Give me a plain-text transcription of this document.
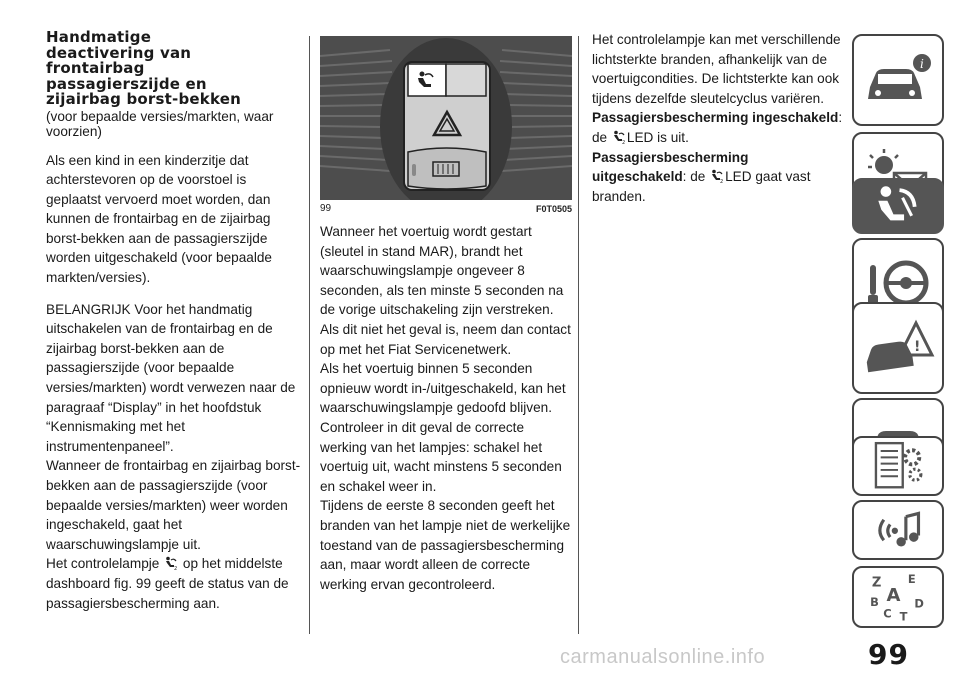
Handmatige
deactivering van
frontairbag
passagierszijde en
zijairbag borst-bekken

(voor bepaalde versies/markten, waar voorzien)

Als een kind in een kinderzitje dat achterstevoren op de voorstoel is geplaatst vervoerd moet worden, dan kunnen de frontairbag en de zijairbag borst-bekken aan de passagierszijde worden uitgeschakeld (voor bepaalde markten/versies).

BELANGRIJK Voor het handmatig uitschakelen van de frontairbag en de zijairbag borst-bekken aan de passagierszijde (voor bepaalde versies/markten) wordt verwezen naar de paragraaf “Display” in het hoofdstuk “Kennismaking met het instrumentenpaneel”.

Wanneer de frontairbag en zijairbag borst-bekken aan de passagierszijde (voor bepaalde versies/markten) weer worden ingeschakeld, gaat het waarschuwingslampje uit.

Het controlelampje	2 op het middelste dashboard fig. 99 geeft de status van de passagiersbescherming aan.

99	F0T0505

Wanneer het voertuig wordt gestart (sleutel in stand MAR), brandt het waarschuwingslampje ongeveer 8 seconden, als ten minste 5 seconden na de vorige uitschakeling zijn verstreken. Als dit niet het geval is, neem dan contact op met het Fiat Servicenetwerk.

Als het voertuig binnen 5 seconden opnieuw wordt in-/uitgeschakeld, kan het waarschuwingslampje gedoofd blijven. Controleer in dit geval de correcte werking van het lampjes: schakel het voertuig uit, wacht minstens 5 seconden en schakel weer in.

Tijdens de eerste 8 seconden geeft het branden van het lampje niet de werkelijke toestand van de passagiersbescherming aan, maar wordt alleen de correcte werking ervan gecontroleerd.

Het controlelampje kan met verschillende lichtsterkte branden, afhankelijk van de voertuigcondities. De lichtsterkte kan ook tijdens dezelfde sleutelcyclus variëren.

Passagiersbescherming ingeschakeld: de	2 LED is uit.

Passagiersbescherming uitgeschakeld: de	2 LED gaat vast branden.

i
!
Z E
B A
C
D
T
99
carmanualsonline.info
